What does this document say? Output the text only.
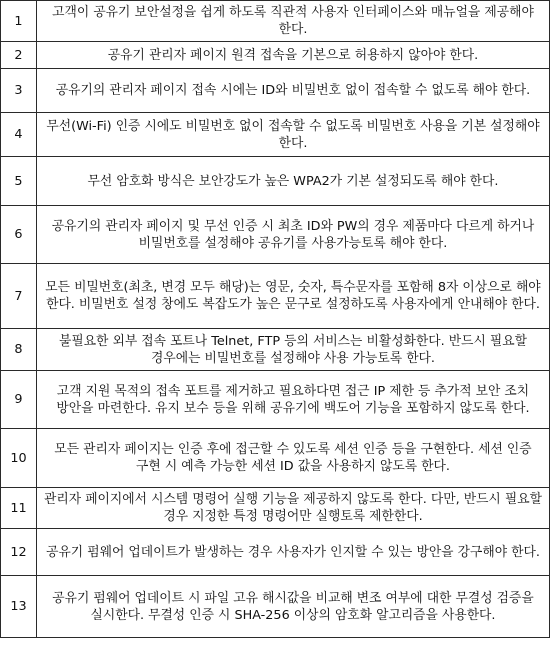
1	고객이 공유기 보안설정을 쉽게 하도록 직관적 사용자 인터페이스와 매뉴얼을 제공해야 한다.
2	공유기 관리자 페이지 원격 접속을 기본으로 허용하지 않아야 한다.
3	공유기의 관리자 페이지 접속 시에는 ID와 비밀번호 없이 접속할 수 없도록 해야 한다.
4	무선(Wi-Fi) 인증 시에도 비밀번호 없이 접속할 수 없도록 비밀번호 사용을 기본 설정해야 한다.
5	무선 암호화 방식은 보안강도가 높은 WPA2가 기본 설정되도록 해야 한다.
6	공유기의 관리자 페이지 및 무선 인증 시 최초 ID와 PW의 경우 제품마다 다르게 하거나 비밀번호를 설정해야 공유기를 사용가능토록 해야 한다.
7	모든 비밀번호(최초, 변경 모두 해당)는 영문, 숫자, 특수문자를 포함해 8자 이상으로 해야 한다. 비밀번호 설정 창에도 복잡도가 높은 문구로 설정하도록 사용자에게 안내해야 한다.
8	불필요한 외부 접속 포트나 Telnet, FTP 등의 서비스는 비활성화한다. 반드시 필요할 경우에는 비밀번호를 설정해야 사용 가능토록 한다.
9	고객 지원 목적의 접속 포트를 제거하고 필요하다면 접근 IP 제한 등 추가적 보안 조치 방안을 마련한다. 유지 보수 등을 위해 공유기에 백도어 기능을 포함하지 않도록 한다.
10	모든 관리자 페이지는 인증 후에 접근할 수 있도록 세션 인증 등을 구현한다. 세션 인증 구현 시 예측 가능한 세션 ID 값을 사용하지 않도록 한다.
11	관리자 페이지에서 시스템 명령어 실행 기능을 제공하지 않도록 한다. 다만, 반드시 필요할 경우 지정한 특정 명령어만 실행토록 제한한다.
12	공유기 펌웨어 업데이트가 발생하는 경우 사용자가 인지할 수 있는 방안을 강구해야 한다.
13	공유기 펌웨어 업데이트 시 파일 고유 해시값을 비교해 변조 여부에 대한 무결성 검증을 실시한다. 무결성 인증 시 SHA-256 이상의 암호화 알고리즘을 사용한다.
